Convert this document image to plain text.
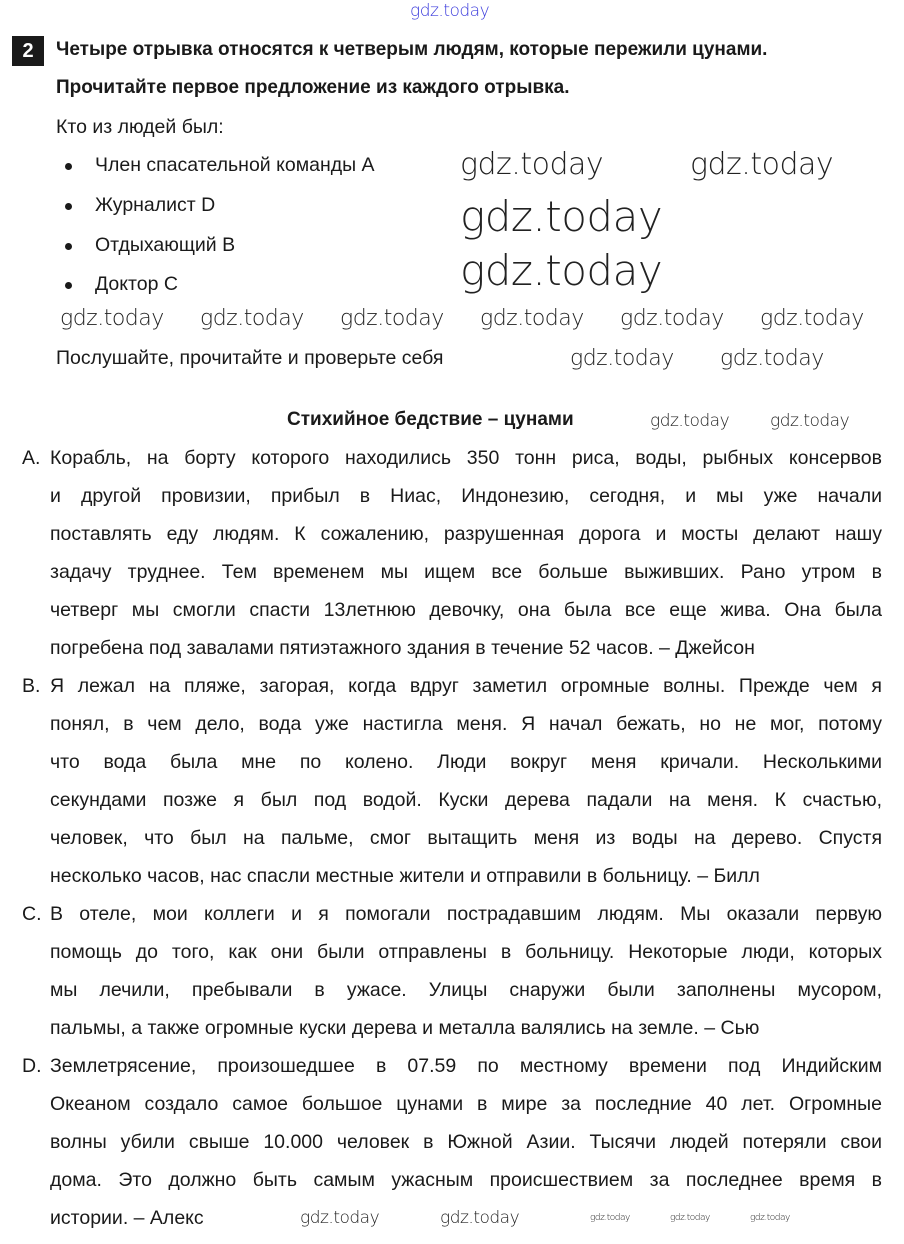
2	Четыре отрывка относятся к четверым людям, которые пережили цунами.
Прочитайте первое предложение из каждого отрывка.
Кто из людей был:
Член спасательной команды A
Журналист D
Отдыхающий B
Доктор C
Послушайте, прочитайте и проверьте себя
Стихийное бедствие – цунами
A. Корабль, на борту которого находились 350 тонн риса, воды, рыбных консервов
и другой провизии, прибыл в Ниас, Индонезию, сегодня, и мы уже начали
поставлять еду людям. К сожалению, разрушенная дорога и мосты делают нашу
задачу труднее. Тем временем мы ищем все больше выживших. Рано утром в
четверг мы смогли спасти 13летнюю девочку, она была все еще жива. Она была
погребена под завалами пятиэтажного здания в течение 52 часов. – Джейсон
B. Я лежал на пляже, загорая, когда вдруг заметил огромные волны. Прежде чем я
понял, в чем дело, вода уже настигла меня. Я начал бежать, но не мог, потому
что вода была мне по колено. Люди вокруг меня кричали. Несколькими
секундами позже я был под водой. Куски дерева падали на меня. К счастью,
человек, что был на пальме, смог вытащить меня из воды на дерево. Спустя
несколько часов, нас спасли местные жители и отправили в больницу. – Билл
C. В отеле, мои коллеги и я помогали пострадавшим людям. Мы оказали первую
помощь до того, как они были отправлены в больницу. Некоторые люди, которых
мы лечили, пребывали в ужасе. Улицы снаружи были заполнены мусором,
пальмы, а также огромные куски дерева и металла валялись на земле. – Сью
D. Землетрясение, произошедшее в 07.59 по местному времени под Индийским
Океаном создало самое большое цунами в мире за последние 40 лет. Огромные
волны убили свыше 10.000 человек в Южной Азии. Тысячи людей потеряли свои
дома. Это должно быть самым ужасным происшествием за последнее время в
истории. – Алекс
gdz.today
gdz.today	gdz.today
gdz.today
gdz.today
gdz.today gdz.today gdz.today gdz.today gdz.today gdz.today
gdz.today gdz.today
gdz.today gdz.today
gdz.today	gdz.today	gdz.today	gdz.today	gdz.today
